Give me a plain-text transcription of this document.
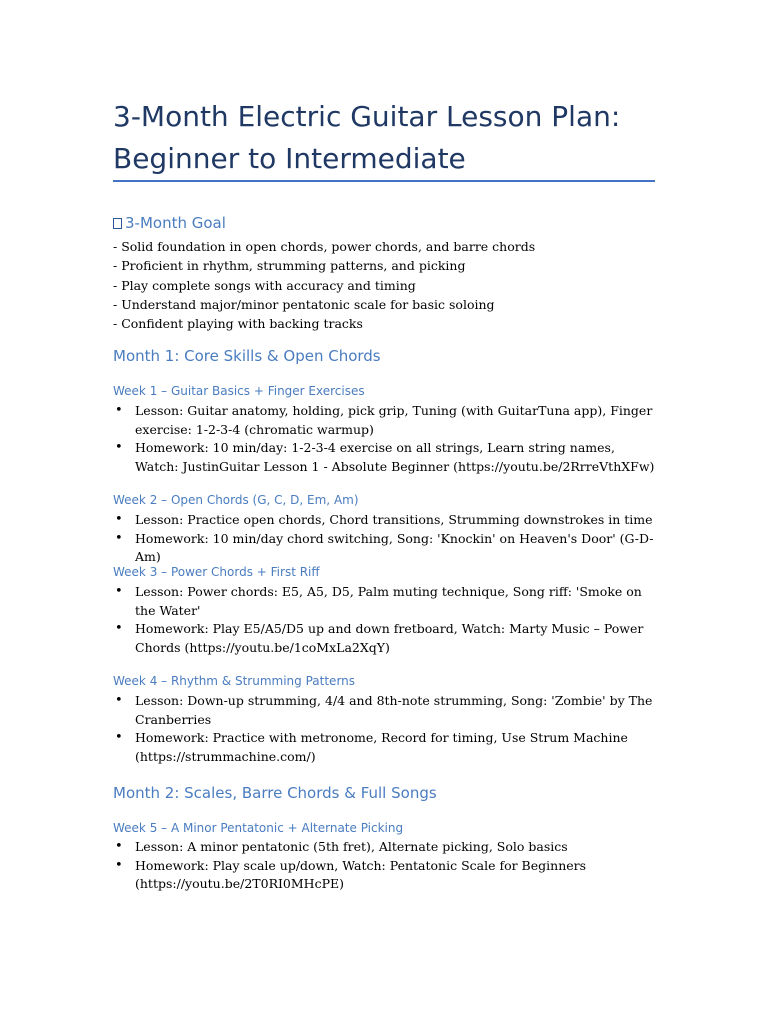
3-Month Electric Guitar Lesson Plan:
Beginner to Intermediate
3-Month Goal
- Solid foundation in open chords, power chords, and barre chords
- Proficient in rhythm, strumming patterns, and picking
- Play complete songs with accuracy and timing
- Understand major/minor pentatonic scale for basic soloing
- Confident playing with backing tracks
Month 1: Core Skills & Open Chords
Week 1 – Guitar Basics + Finger Exercises
• Lesson: Guitar anatomy, holding, pick grip, Tuning (with GuitarTuna app), Finger exercise: 1-2-3-4 (chromatic warmup)
• Homework: 10 min/day: 1-2-3-4 exercise on all strings, Learn string names, Watch: JustinGuitar Lesson 1 - Absolute Beginner (https://youtu.be/2RrreVthXFw)
Week 2 – Open Chords (G, C, D, Em, Am)
• Lesson: Practice open chords, Chord transitions, Strumming downstrokes in time
• Homework: 10 min/day chord switching, Song: 'Knockin' on Heaven's Door' (G-D-Am)
Week 3 – Power Chords + First Riff
• Lesson: Power chords: E5, A5, D5, Palm muting technique, Song riff: 'Smoke on the Water'
• Homework: Play E5/A5/D5 up and down fretboard, Watch: Marty Music – Power Chords (https://youtu.be/1coMxLa2XqY)
Week 4 – Rhythm & Strumming Patterns
• Lesson: Down-up strumming, 4/4 and 8th-note strumming, Song: 'Zombie' by The Cranberries
• Homework: Practice with metronome, Record for timing, Use Strum Machine (https://strummachine.com/)
Month 2: Scales, Barre Chords & Full Songs
Week 5 – A Minor Pentatonic + Alternate Picking
• Lesson: A minor pentatonic (5th fret), Alternate picking, Solo basics
• Homework: Play scale up/down, Watch: Pentatonic Scale for Beginners (https://youtu.be/2T0RI0MHcPE)
